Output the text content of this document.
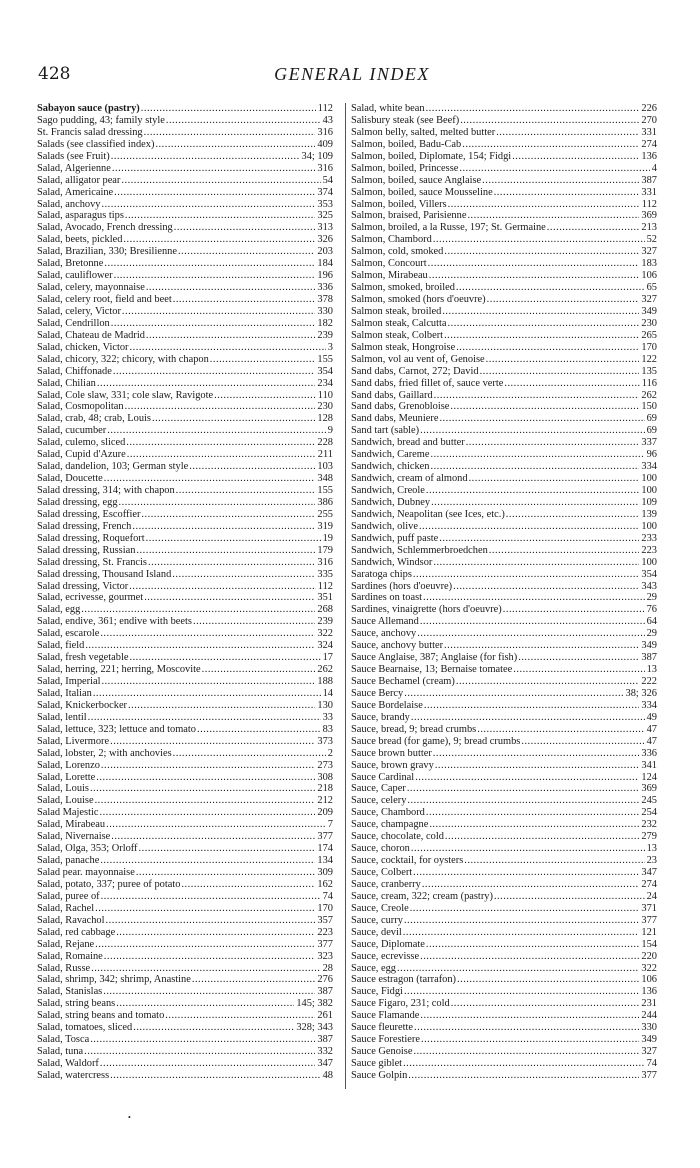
428	GENERAL INDEX
Sabayon sauce (pastry) .....	112
Sago pudding, 43; family style .....	43
St. Francis salad dressing .....	316
Salads (see classified index) .....	409
Salads (see Fruit) .....	34; 109
Salad, Algerienne .....	316
Salad, alligator pear .....	54
Salad, Americaine .....	374
Salad, anchovy .....	353
Salad, asparagus tips .....	325
Salad, Avocado, French dressing .....	313
Salad, beets, pickled .....	326
Salad, Brazilian, 330; Bresilienne .....	203
Salad, Bretonne .....	184
Salad, cauliflower .....	196
Salad, celery, mayonnaise .....	336
Salad, celery root, field and beet .....	378
Salad, celery, Victor .....	330
Salad, Cendrillon .....	182
Salad, Chateau de Madrid .....	239
Salad, chicken, Victor .....	3
Salad, chicory, 322; chicory, with chapon .....	155
Salad, Chiffonade .....	354
Salad, Chilian .....	234
Salad, Cole slaw, 331; cole slaw, Ravigote .....	110
Salad, Cosmopolitan .....	230
Salad, crab, 48; crab, Louis .....	128
Salad, cucumber .....	9
Salad, culemo, sliced .....	228
Salad, Cupid d'Azure .....	211
Salad, dandelion, 103; German style .....	103
Salad, Doucette .....	348
Salad dressing, 314; with chapon .....	155
Salad dressing, egg .....	386
Salad dressing, Escoffier .....	255
Salad dressing, French .....	319
Salad dressing, Roquefort .....	19
Salad dressing, Russian .....	179
Salad dressing, St. Francis .....	316
Salad dressing, Thousand Island .....	335
Salad dressing, Victor .....	112
Salad, ecrivesse, gourmet .....	351
Salad, egg .....	268
Salad, endive, 361; endive with beets .....	239
Salad, escarole .....	322
Salad, field .....	324
Salad, fresh vegetable .....	17
Salad, herring, 221; herring, Moscovite .....	262
Salad, Imperial .....	188
Salad, Italian .....	14
Salad, Knickerbocker .....	130
Salad, lentil .....	33
Salad, lettuce, 323; lettuce and tomato .....	83
Salad, Livermore .....	373
Salad, lobster, 2; with anchovies .....	2
Salad, Lorenzo .....	273
Salad, Lorette .....	308
Salad, Louis .....	218
Salad, Louise .....	212
Salad Majestic .....	209
Salad, Mirabeau .....	7
Salad, Nivernaise .....	377
Salad, Olga, 353; Orloff .....	174
Salad, panache .....	134
Salad pear. mayonnaise .....	309
Salad, potato, 337; puree of potato .....	162
Salad, puree of .....	74
Salad, Rachel .....	170
Salad, Ravachol .....	357
Salad, red cabbage .....	223
Salad, Rejane .....	377
Salad, Romaine .....	323
Salad, Russe .....	28
Salad, shrimp, 342; shrimp, Anastine .....	276
Salad, Stanislas .....	387
Salad, string beans .....	145; 382
Salad, string beans and tomato .....	261
Salad, tomatoes, sliced .....	328; 343
Salad, Tosca .....	387
Salad, tuna .....	332
Salad, Waldorf .....	347
Salad, watercress .....	48
Salad, white bean .....	226
Salisbury steak (see Beef) .....	270
Salmon belly, salted, melted butter .....	331
Salmon, boiled, Badu-Cab .....	274
Salmon, boiled, Diplomate, 154; Fidgi .....	136
Salmon, boiled, Princesse .....	4
Salmon, boiled, sauce Anglaise .....	387
Salmon, boiled, sauce Mousseline .....	331
Salmon, boiled, Villers .....	112
Salmon, braised, Parisienne .....	369
Salmon, broiled, a la Russe, 197; St. Germaine .....	213
Salmon, Chambord .....	52
Salmon, cold, smoked .....	327
Salmon, Concourt .....	183
Salmon, Mirabeau .....	106
Salmon, smoked, broiled .....	65
Salmon, smoked (hors d'oeuvre) .....	327
Salmon steak, broiled .....	349
Salmon steak, Calcutta .....	230
Salmon steak, Colbert .....	265
Salmon steak, Hongroise .....	170
Salmon, vol au vent of, Genoise .....	122
Sand dabs, Carnot, 272; David .....	135
Sand dabs, fried fillet of, sauce verte .....	116
Sand dabs, Gaillard .....	262
Sand dabs, Grenobloise .....	150
Sand dabs, Meuniere .....	69
Sand tart (sable) .....	69
Sandwich, bread and butter .....	337
Sandwich, Careme .....	96
Sandwich, chicken .....	334
Sandwich, cream of almond .....	100
Sandwich, Creole .....	100
Sandwich, Dubney .....	109
Sandwich, Neapolitan (see Ices, etc.) .....	139
Sandwich, olive .....	100
Sandwich, puff paste .....	233
Sandwich, Schlemmerbroedchen .....	223
Sandwich, Windsor .....	100
Saratoga chips .....	354
Sardines (hors d'oeuvre) .....	343
Sardines on toast .....	29
Sardines, vinaigrette (hors d'oeuvre) .....	76
Sauce Allemand .....	64
Sauce, anchovy .....	29
Sauce, anchovy butter .....	349
Sauce Anglaise, 387; Anglaise (for fish) .....	387
Sauce Bearnaise, 13; Bernaise tomatee .....	13
Sauce Bechamel (cream) .....	222
Sauce Bercy .....	38; 326
Sauce Bordelaise .....	334
Sauce, brandy .....	49
Sauce, bread, 9; bread crumbs .....	47
Sauce bread (for game), 9; bread crumbs .....	47
Sauce brown butter .....	336
Sauce, brown gravy .....	341
Sauce Cardinal .....	124
Sauce, Caper .....	369
Sauce, celery .....	245
Sauce, Chambord .....	254
Sauce, champagne .....	232
Sauce, chocolate, cold .....	279
Sauce, choron .....	13
Sauce, cocktail, for oysters .....	23
Sauce, Colbert .....	347
Sauce, cranberry .....	274
Sauce, cream, 322; cream (pastry) .....	24
Sauce, Creole .....	371
Sauce, curry .....	377
Sauce, devil .....	121
Sauce, Diplomate .....	154
Sauce, ecrevisse .....	220
Sauce, egg .....	322
Sauce estragon (tarrafon) .....	106
Sauce, Fidgi .....	136
Sauce Figaro, 231; cold .....	231
Sauce Flamande .....	244
Sauce fleurette .....	330
Sauce Forestiere .....	349
Sauce Genoise .....	327
Sauce giblet .....	74
Sauce Golpin .....	377
•
